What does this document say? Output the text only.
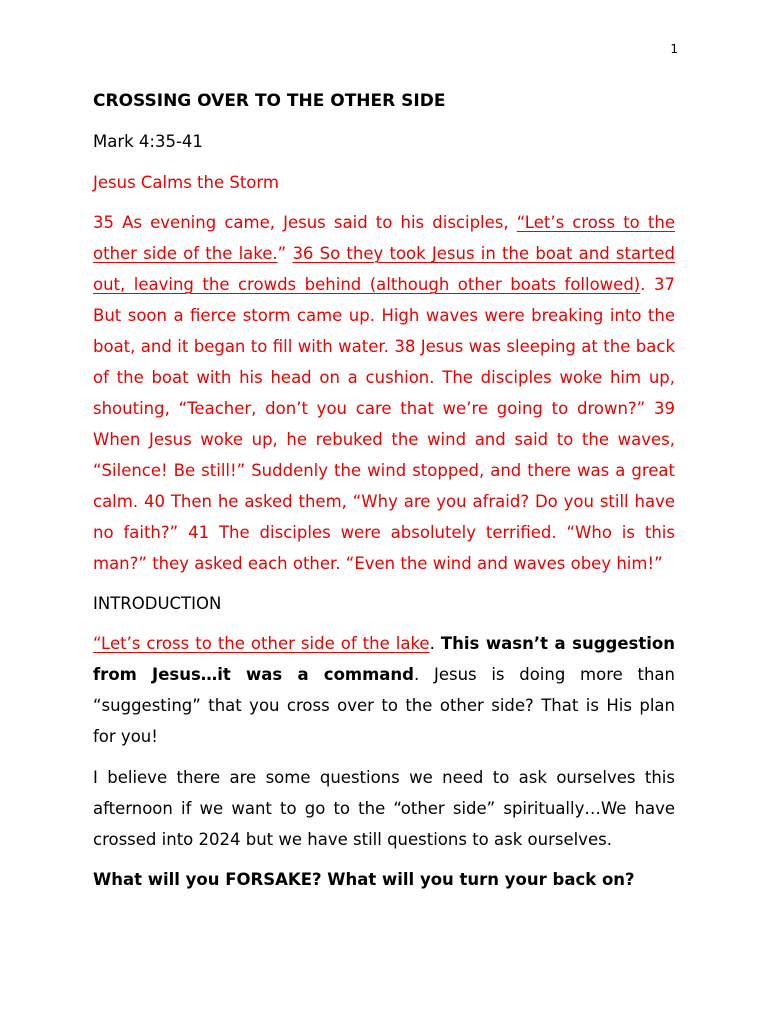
1

CROSSING OVER TO THE OTHER SIDE

Mark 4:35-41

Jesus Calms the Storm

35 As evening came, Jesus said to his disciples, “Let’s cross to the other side of the lake.” 36 So they took Jesus in the boat and started out, leaving the crowds behind (although other boats followed). 37 But soon a fierce storm came up. High waves were breaking into the boat, and it began to fill with water. 38 Jesus was sleeping at the back of the boat with his head on a cushion. The disciples woke him up, shouting, “Teacher, don’t you care that we’re going to drown?” 39 When Jesus woke up, he rebuked the wind and said to the waves, “Silence! Be still!” Suddenly the wind stopped, and there was a great calm. 40 Then he asked them, “Why are you afraid? Do you still have no faith?” 41 The disciples were absolutely terrified. “Who is this man?” they asked each other. “Even the wind and waves obey him!”

INTRODUCTION

“Let’s cross to the other side of the lake. This wasn’t a suggestion from Jesus…it was a command. Jesus is doing more than “suggesting” that you cross over to the other side? That is His plan for you!

I believe there are some questions we need to ask ourselves this afternoon if we want to go to the “other side” spiritually…We have crossed into 2024 but we have still questions to ask ourselves.

What will you FORSAKE? What will you turn your back on?
